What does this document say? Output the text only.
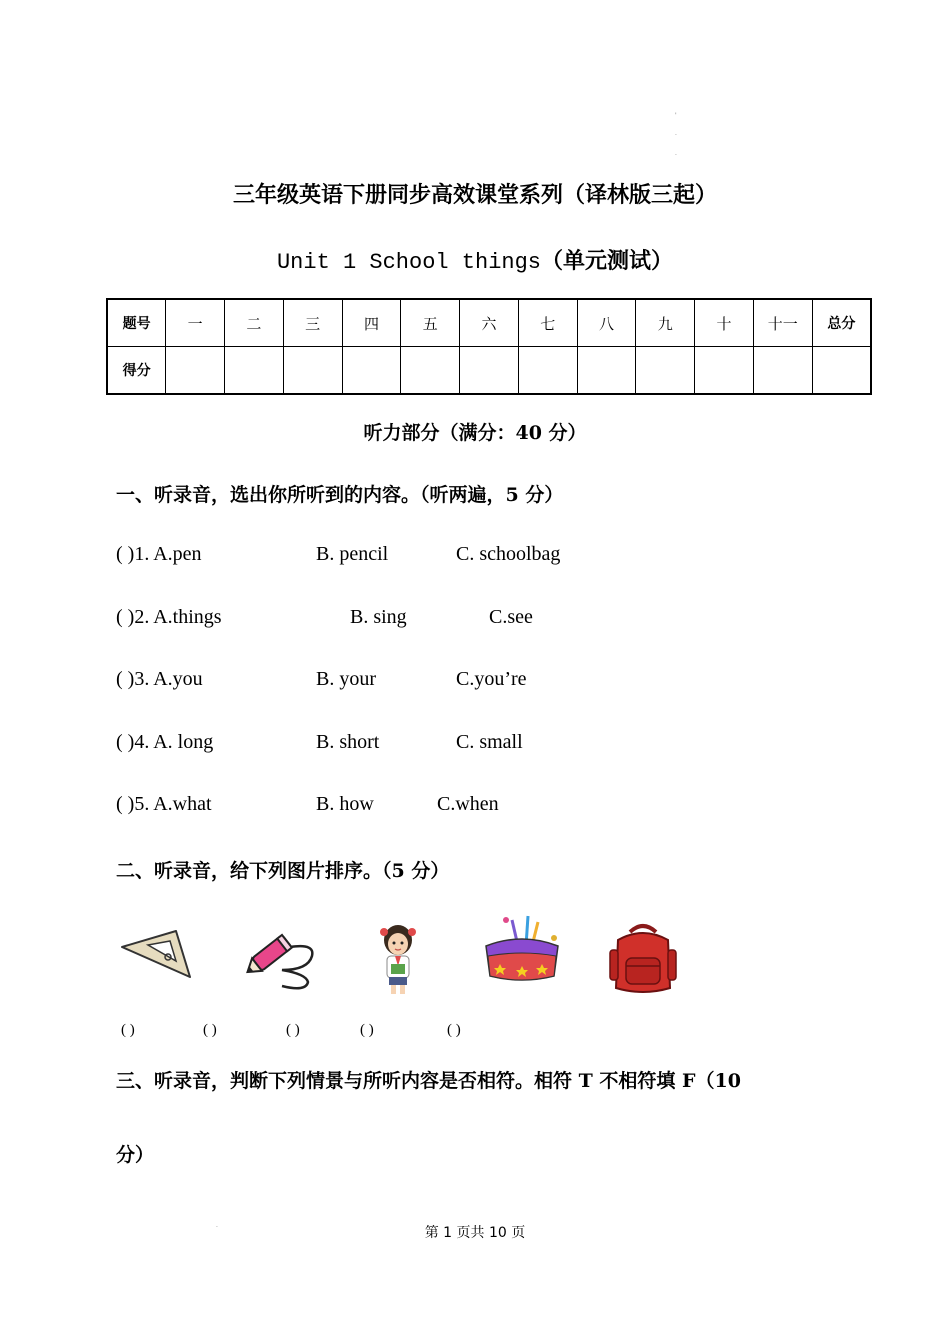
'
.
.
.
三年级英语下册同步高效课堂系列（译林版三起）
Unit 1 School things（单元测试）
题号	一	二	三	四	五	六	七	八	九	十	十一	总分
得分												
听力部分（满分：40 分）
一、听录音，选出你所听到的内容。（听两遍，5 分）
( )1. A.pen	B. pencil	C. schoolbag
( )2. A.things	B. sing	C.see
( )3. A.you	B. your	C.you’re
( )4. A. long	B. short	C. small
( )5. A.what	B. how	C.when
二、听录音，给下列图片排序。（5 分）
( )	( )	( )	( )	( )
三、听录音，判断下列情景与所听内容是否相符。相符 T 不相符填 F（10
分）
第 1 页共 10 页
